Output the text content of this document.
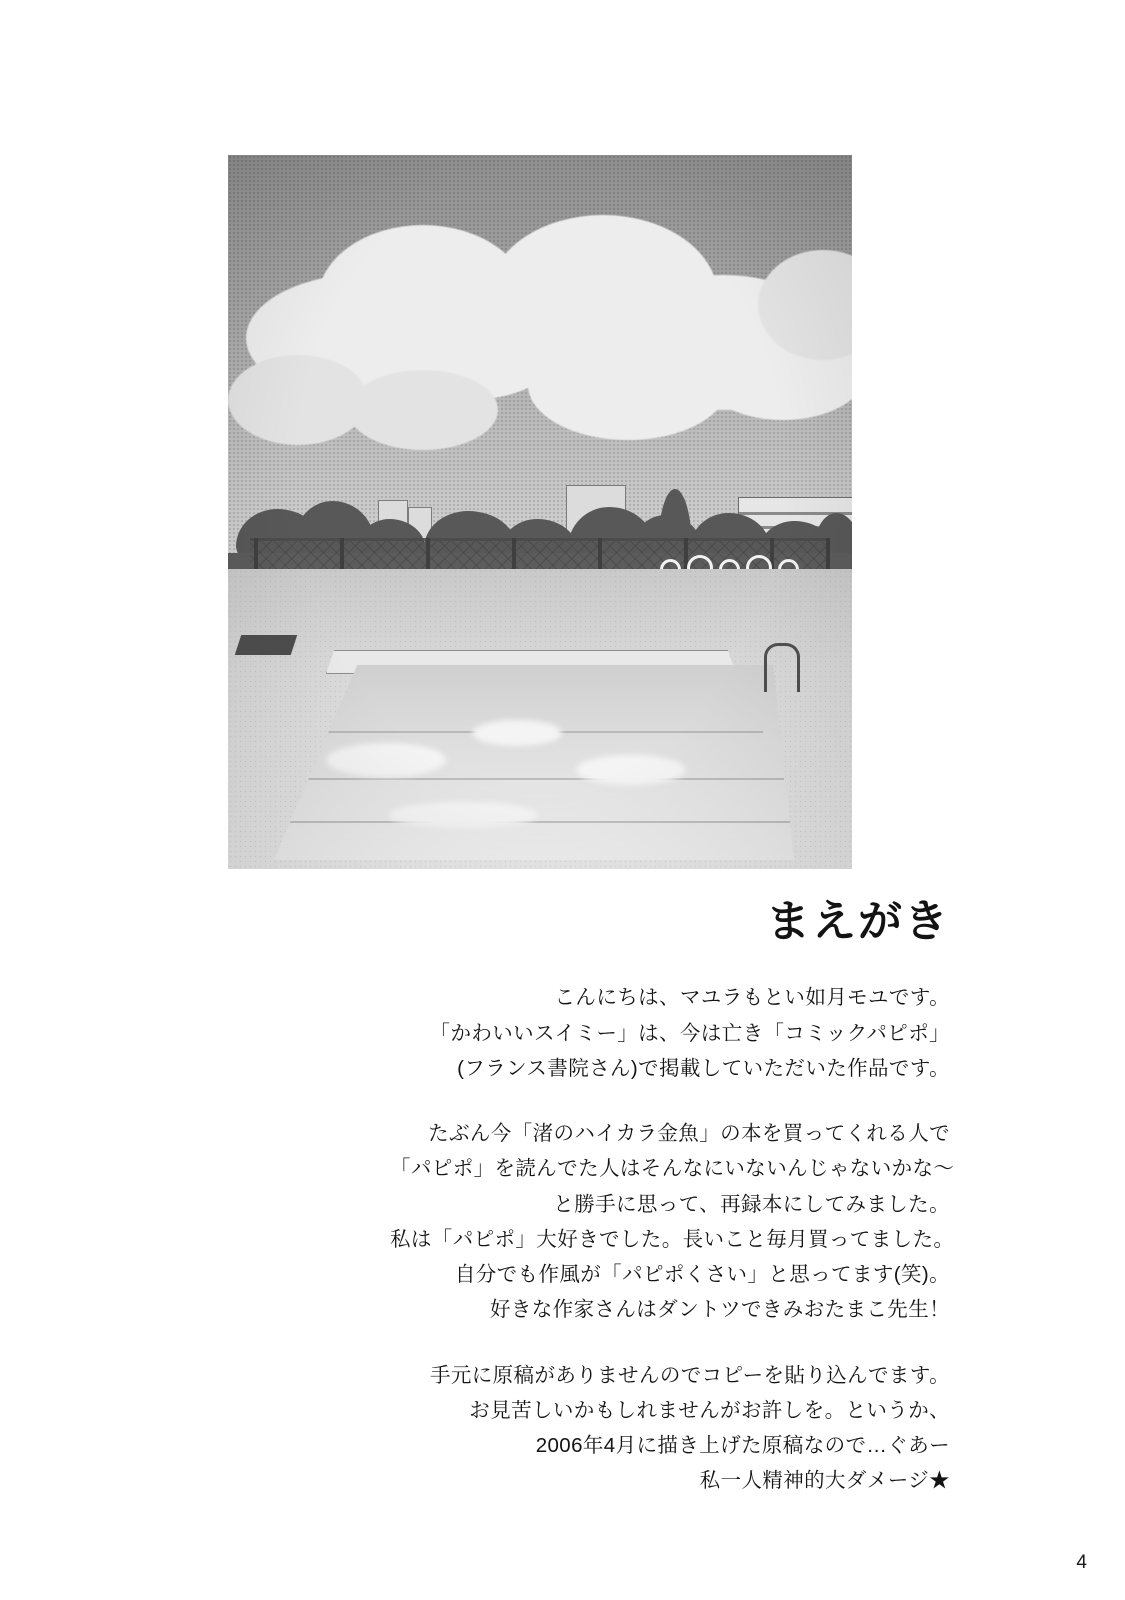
まえがき

こんにちは、マユラもとい如月モユです。
「かわいいスイミー」は、今は亡き「コミックパピポ」
(フランス書院さん)で掲載していただいた作品です。

たぶん今「渚のハイカラ金魚」の本を買ってくれる人で
「パピポ」を読んでた人はそんなにいないんじゃないかな～
と勝手に思って、再録本にしてみました。
私は「パピポ」大好きでした。長いこと毎月買ってました。
自分でも作風が「パピポくさい」と思ってます(笑)。
好きな作家さんはダントツできみおたまこ先生！

手元に原稿がありませんのでコピーを貼り込んでます。
お見苦しいかもしれませんがお許しを。というか、
2006年4月に描き上げた原稿なので…ぐあー
私一人精神的大ダメージ★

4
